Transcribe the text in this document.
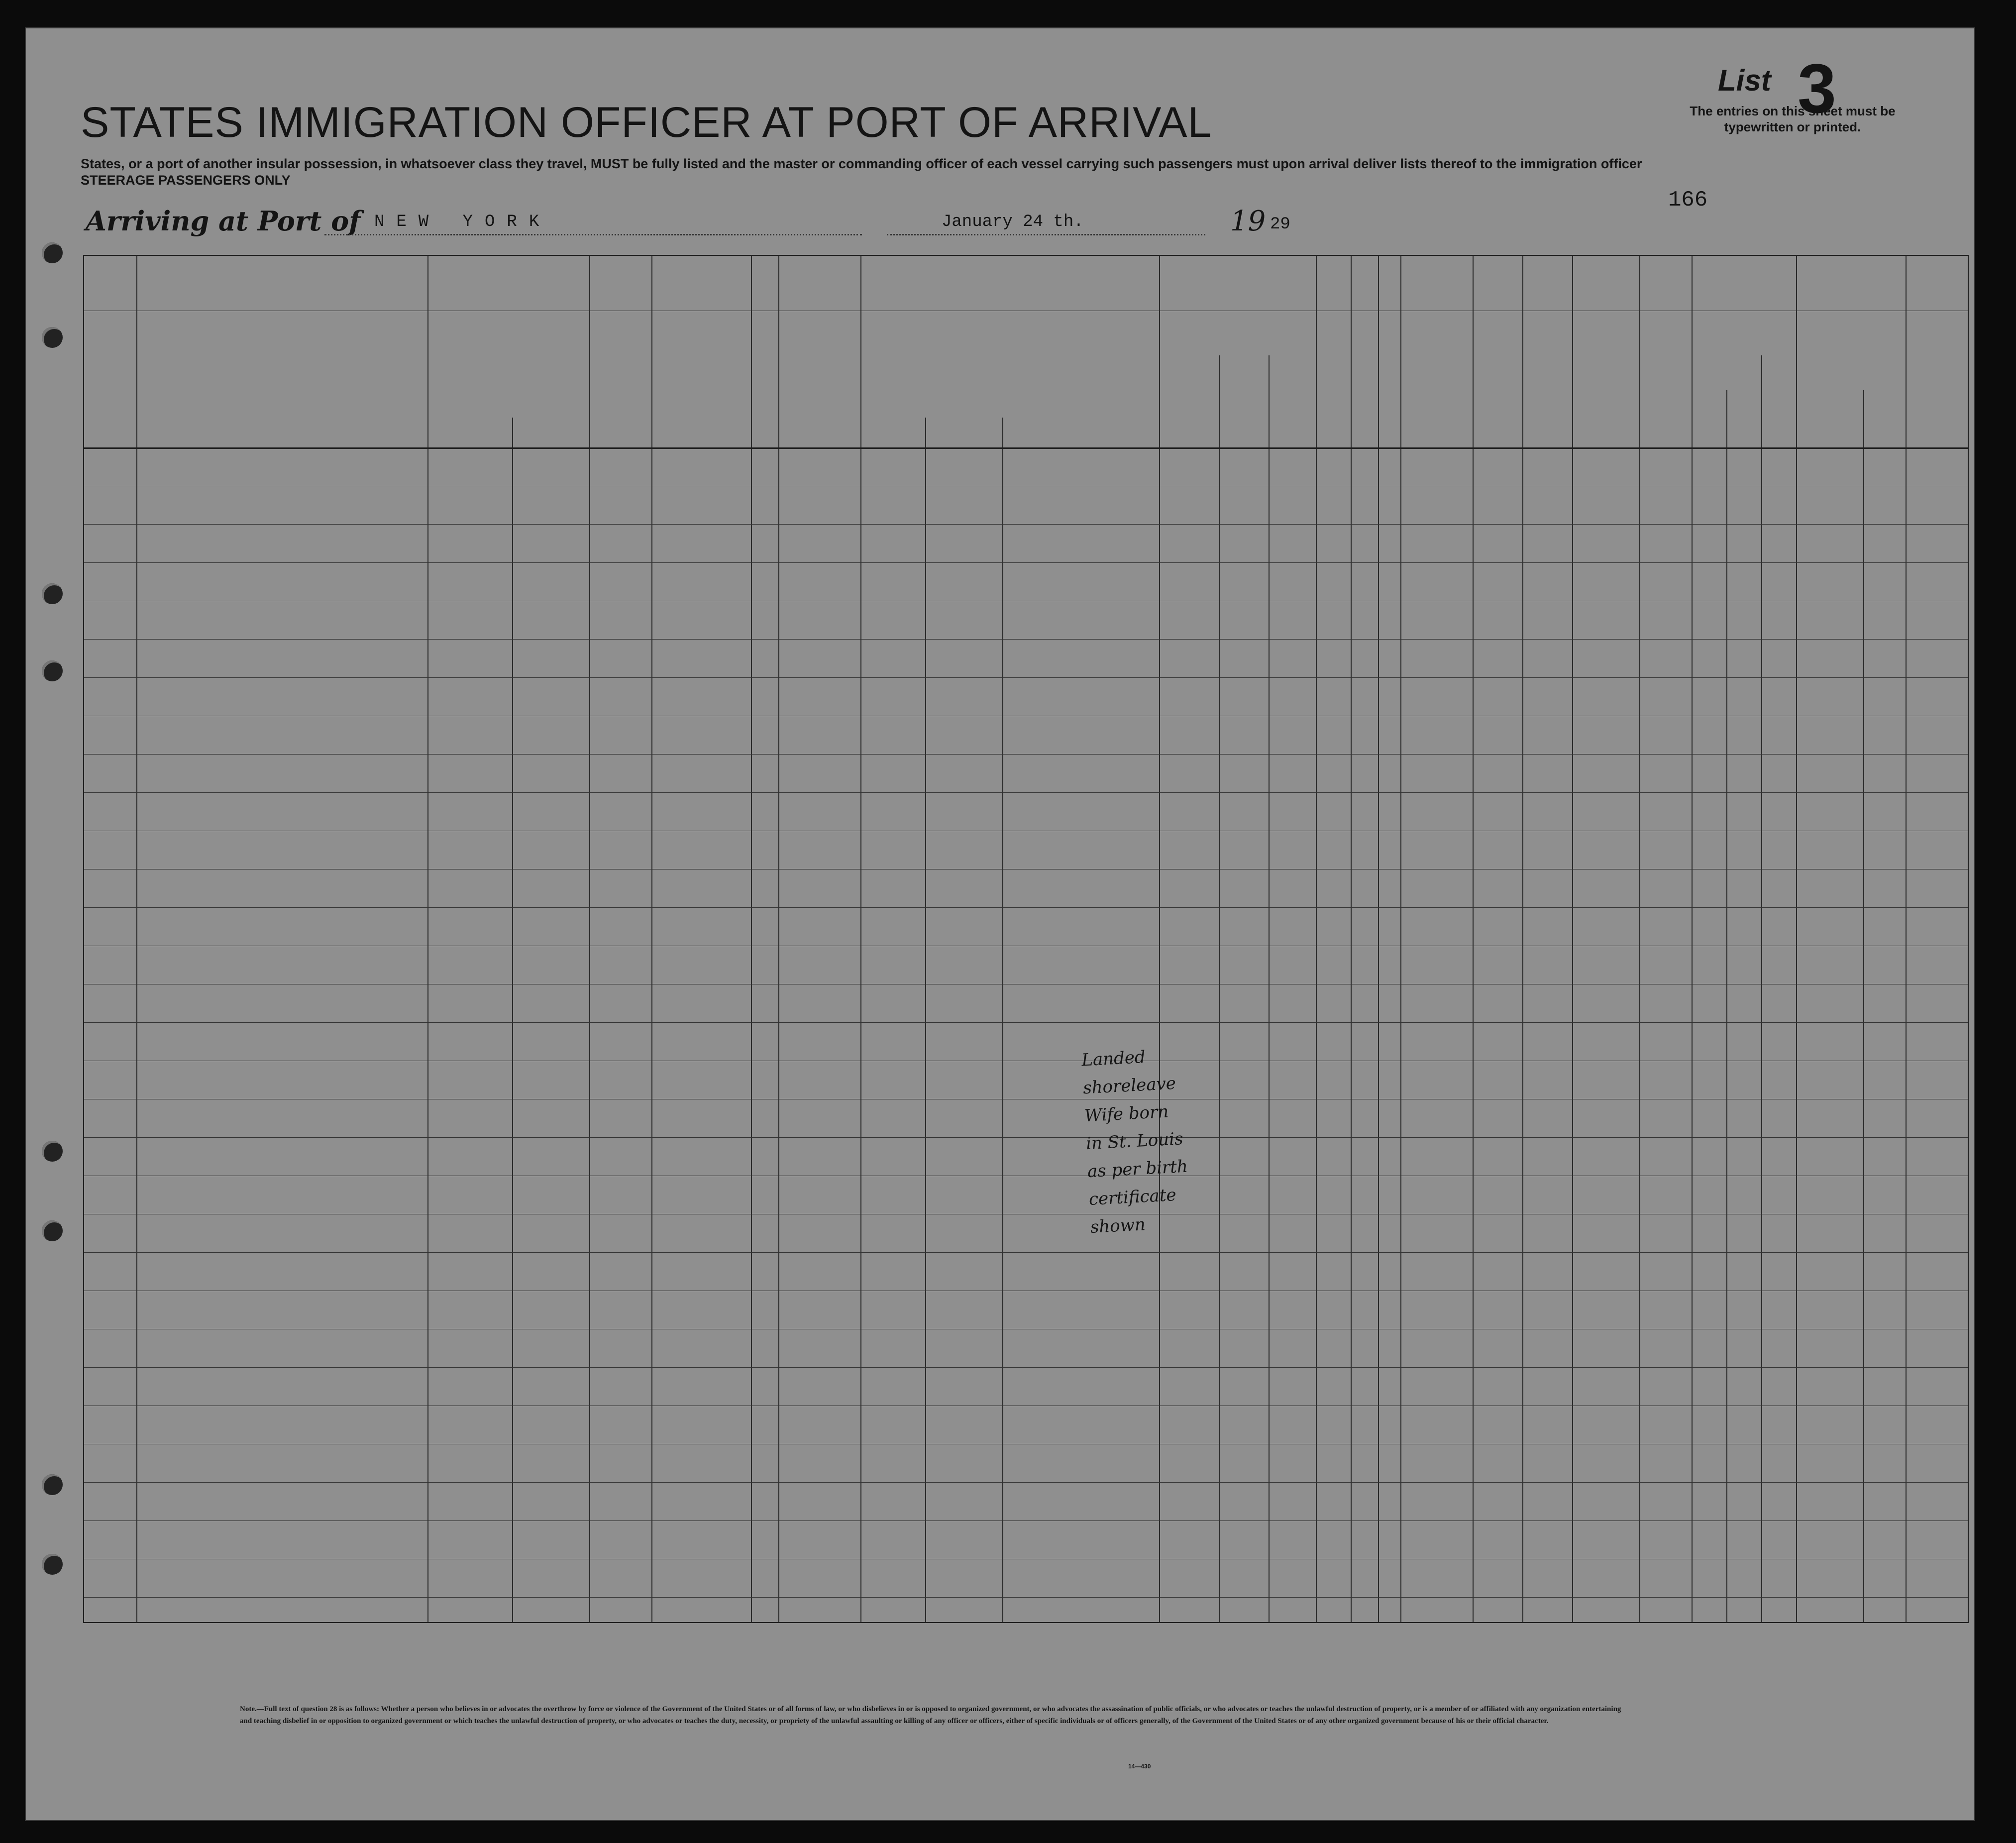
List 3
The entries on this sheet must be typewritten or printed.
166
STATES IMMIGRATION OFFICER AT PORT OF ARRIVAL
States, or a port of another insular possession, in whatsoever class they travel, MUST be fully listed and the master or commanding officer of each vessel carrying such passengers must upon arrival deliver lists thereof to the immigration officer
STEERAGE PASSENGERS ONLY
Arriving at Port of NEW YORK	January 24 th.	19 29
Landed
shoreleave
Wife born
in St. Louis
as per birth
certificate
shown
Note.—Full text of question 28 is as follows: Whether a person who believes in or advocates the overthrow by force or violence of the Government of the United States or of all forms of law, or who disbelieves in or is opposed to organized government, or who advocates the assassination of public officials, or who advocates or teaches the unlawful destruction of property, or is a member of or affiliated with any organization entertaining and teaching disbelief in or opposition to organized government or which teaches the unlawful destruction of property, or who advocates or teaches the duty, necessity, or propriety of the unlawful assaulting or killing of any officer or officers, either of specific individuals or of officers generally, of the Government of the United States or of any other organized government because of his or their official character.
14—430
